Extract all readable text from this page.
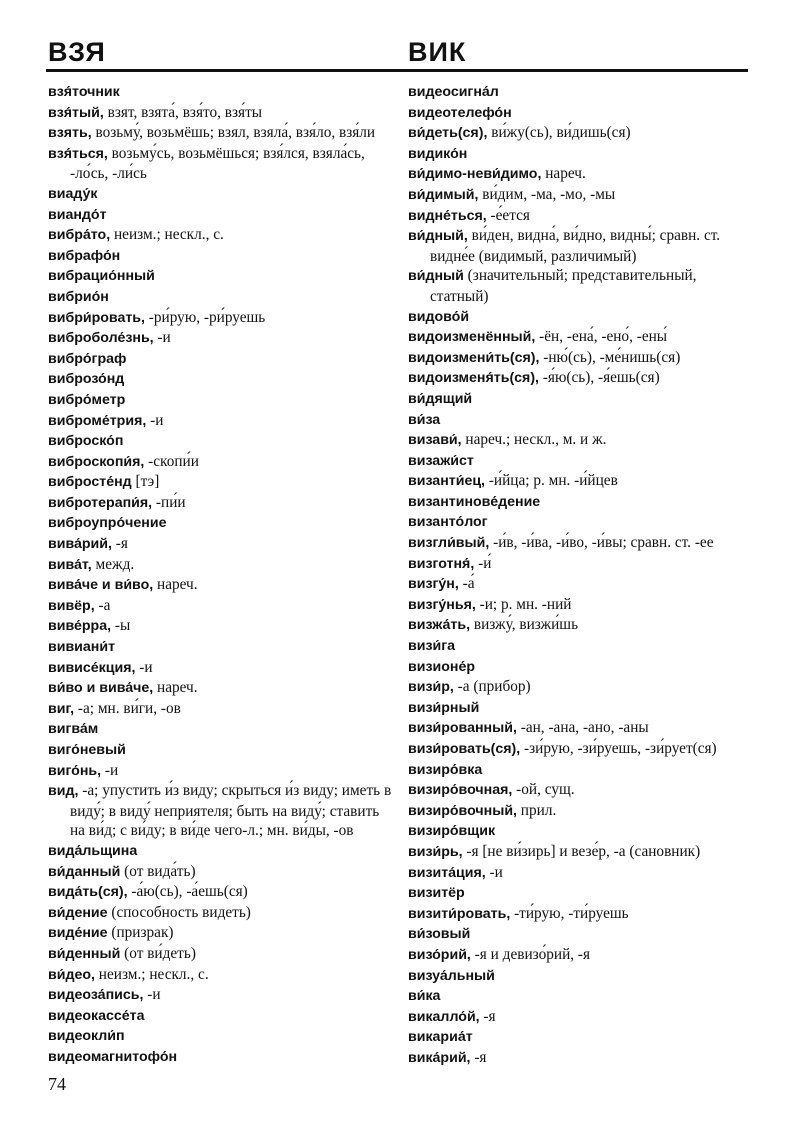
ВЗЯ	ВИК
взя́точник
взя́тый, взят, взята́, взя́то, взя́ты
взять, возьму́, возьмёшь; взял, взяла́, взя́ло, взя́ли
взя́ться, возьму́сь, возьмёшься; взя́лся, взяла́сь, -ло́сь, -ли́сь
виаду́к
виандо́т
вибра́то, неизм.; нескл., с.
вибрафо́н
вибрацио́нный
вибрио́н
вибри́ровать, -ри́рую, -ри́руешь
виброболе́знь, -и
вибро́граф
виброзо́нд
вибро́метр
виброме́трия, -и
виброско́п
виброскопи́я, -скопи́и
вибросте́нд [тэ]
вибротерапи́я, -пи́и
виброупро́чение
вива́рий, -я
вива́т, межд.
вива́че и ви́во, нареч.
вивёр, -а
виве́рра, -ы
вивиани́т
вивисе́кция, -и
ви́во и вива́че, нареч.
виг, -а; мн. ви́ги, -ов
вигва́м
виго́невый
виго́нь, -и
вид, -а; упустить и́з виду; скрыться и́з виду; иметь в виду́; в виду́ неприятеля; быть на виду́; ставить на ви́д; с ви́ду; в ви́де чего-л.; мн. ви́ды, -ов
вида́льщина
ви́данный (от вида́ть)
вида́ть(ся), -а́ю(сь), -а́ешь(ся)
ви́дение (способность видеть)
виде́ние (призрак)
ви́денный (от ви́деть)
ви́део, неизм.; нескл., с.
видеоза́пись, -и
видеокассе́та
видеокли́п
видеомагнитофо́н
видеосигна́л
видеотелефо́н
ви́деть(ся), ви́жу(сь), ви́дишь(ся)
видико́н
ви́димо-неви́димо, нареч.
ви́димый, ви́дим, -ма, -мо, -мы
видне́ться, -е́ется
ви́дный, ви́ден, видна́, ви́дно, видны́; сравн. ст. видне́е (видимый, различимый)
ви́дный (значительный; представительный, статный)
видово́й
видоизменённый, -ён, -ена́, -ено́, -ены́
видоизмени́ть(ся), -ню́(сь), -ме́нишь(ся)
видоизменя́ть(ся), -я́ю(сь), -я́ешь(ся)
ви́дящий
ви́за
визави́, нареч.; нескл., м. и ж.
визажи́ст
византи́ец, -и́йца; р. мн. -и́йцев
византинове́дение
византо́лог
визгли́вый, -и́в, -и́ва, -и́во, -и́вы; сравн. ст. -ее
визготня́, -и́
визгу́н, -а́
визгу́нья, -и; р. мн. -ний
визжа́ть, визжу́, визжи́шь
визи́га
визионе́р
визи́р, -а (прибор)
визи́рный
визи́рованный, -ан, -ана, -ано, -аны
визи́ровать(ся), -зи́рую, -зи́руешь, -зи́рует(ся)
визиро́вка
визиро́вочная, -ой, сущ.
визиро́вочный, прил.
визиро́вщик
визи́рь, -я [не ви́зирь] и везе́р, -а (сановник)
визита́ция, -и
визитёр
визити́ровать, -ти́рую, -ти́руешь
ви́зовый
визо́рий, -я и девизо́рий, -я
визуа́льный
ви́ка
викалло́й, -я
викариа́т
вика́рий, -я
74
